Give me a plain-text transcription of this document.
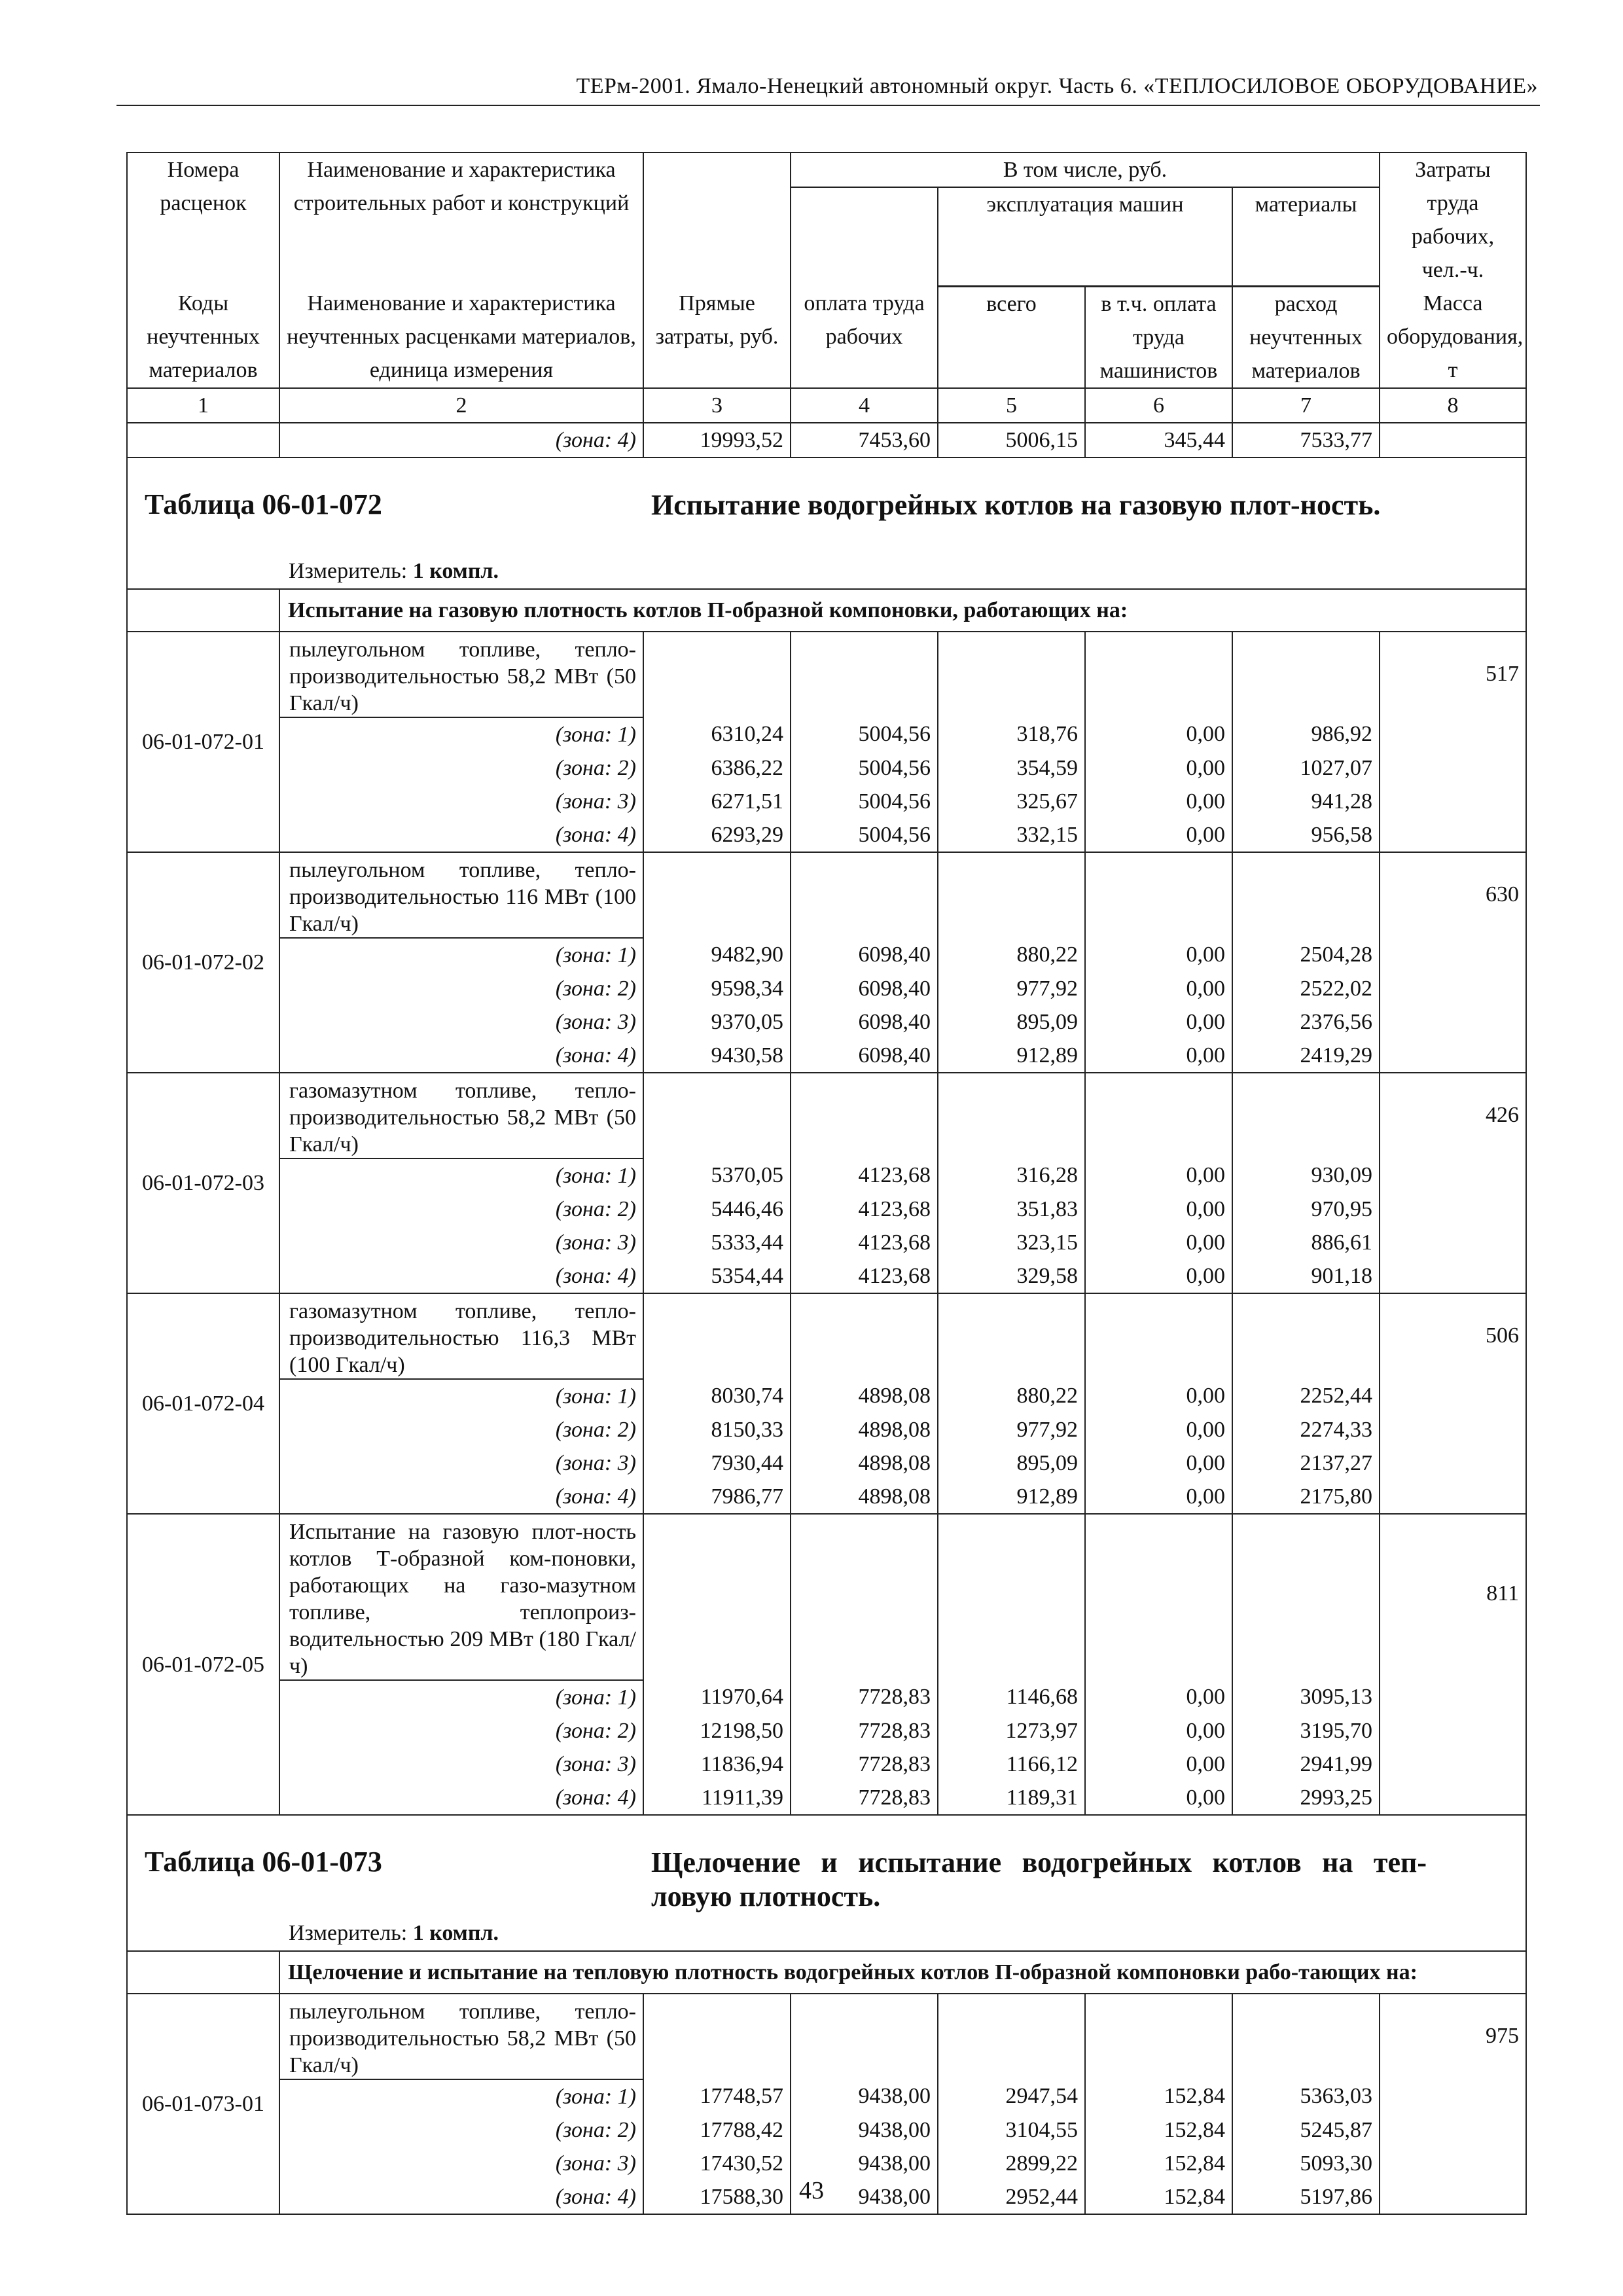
ТЕРм-2001. Ямало-Ненецкий автономный округ. Часть 6. «ТЕПЛОСИЛОВОЕ ОБОРУДОВАНИЕ»
Номера расценок	Наименование и характеристика строительных работ и конструкций		В том числе, руб.				Затраты труда рабочих, чел.-ч.
				эксплуатация машин		материалы	

Коды неучтенных материалов	Наименование и характеристика неучтенных расценками материалов, единица измерения	Прямые затраты, руб.	оплата труда рабочих	всего	в т.ч. оплата труда машинистов	расход неучтенных материалов	Масса оборудования, т
1	2	3	4	5	6	7	8
	(зона: 4)	19993,52	7453,60	5006,15	345,44	7533,77	

Таблица 06-01-072 Испытание водогрейных котлов на газовую плот-ность.
Измеритель: 1 компл.							

	Испытание на газовую плотность котлов П-образной компоновки, работающих на:						
06-01-072-01	пылеугольном топливе, тепло-производительностью 58,2 МВт (50 Гкал/ч)						517
	(зона: 1)	6310,24	5004,56	318,76	0,00	986,92	
	(зона: 2)	6386,22	5004,56	354,59	0,00	1027,07	
	(зона: 3)	6271,51	5004,56	325,67	0,00	941,28	
	(зона: 4)	6293,29	5004,56	332,15	0,00	956,58	
06-01-072-02	пылеугольном топливе, тепло-производительностью 116 МВт (100 Гкал/ч)						630
	(зона: 1)	9482,90	6098,40	880,22	0,00	2504,28	
	(зона: 2)	9598,34	6098,40	977,92	0,00	2522,02	
	(зона: 3)	9370,05	6098,40	895,09	0,00	2376,56	
	(зона: 4)	9430,58	6098,40	912,89	0,00	2419,29	
06-01-072-03	газомазутном топливе, тепло-производительностью 58,2 МВт (50 Гкал/ч)						426
	(зона: 1)	5370,05	4123,68	316,28	0,00	930,09	
	(зона: 2)	5446,46	4123,68	351,83	0,00	970,95	
	(зона: 3)	5333,44	4123,68	323,15	0,00	886,61	
	(зона: 4)	5354,44	4123,68	329,58	0,00	901,18	
06-01-072-04	газомазутном топливе, тепло-производительностью 116,3 МВт (100 Гкал/ч)						506
	(зона: 1)	8030,74	4898,08	880,22	0,00	2252,44	
	(зона: 2)	8150,33	4898,08	977,92	0,00	2274,33	
	(зона: 3)	7930,44	4898,08	895,09	0,00	2137,27	
	(зона: 4)	7986,77	4898,08	912,89	0,00	2175,80	
06-01-072-05	Испытание на газовую плот-ность котлов Т-образной ком-поновки, работающих на газо-мазутном топливе, теплопроиз-водительностью 209 МВт (180 Гкал/ч)						811
	(зона: 1)	11970,64	7728,83	1146,68	0,00	3095,13	
	(зона: 2)	12198,50	7728,83	1273,97	0,00	3195,70	
	(зона: 3)	11836,94	7728,83	1166,12	0,00	2941,99	
	(зона: 4)	11911,39	7728,83	1189,31	0,00	2993,25	

Таблица 06-01-073 Щелочение и испытание водогрейных котлов на теп-ловую плотность.
Измеритель: 1 компл.							

	Щелочение и испытание на тепловую плотность водогрейных котлов П-образной компоновки рабо-тающих на:						
06-01-073-01	пылеугольном топливе, тепло-производительностью 58,2 МВт (50 Гкал/ч)						975
	(зона: 1)	17748,57	9438,00	2947,54	152,84	5363,03	
	(зона: 2)	17788,42	9438,00	3104,55	152,84	5245,87	
	(зона: 3)	17430,52	9438,00	2899,22	152,84	5093,30	
	(зона: 4)	17588,30	9438,00	2952,44	152,84	5197,86	
43
